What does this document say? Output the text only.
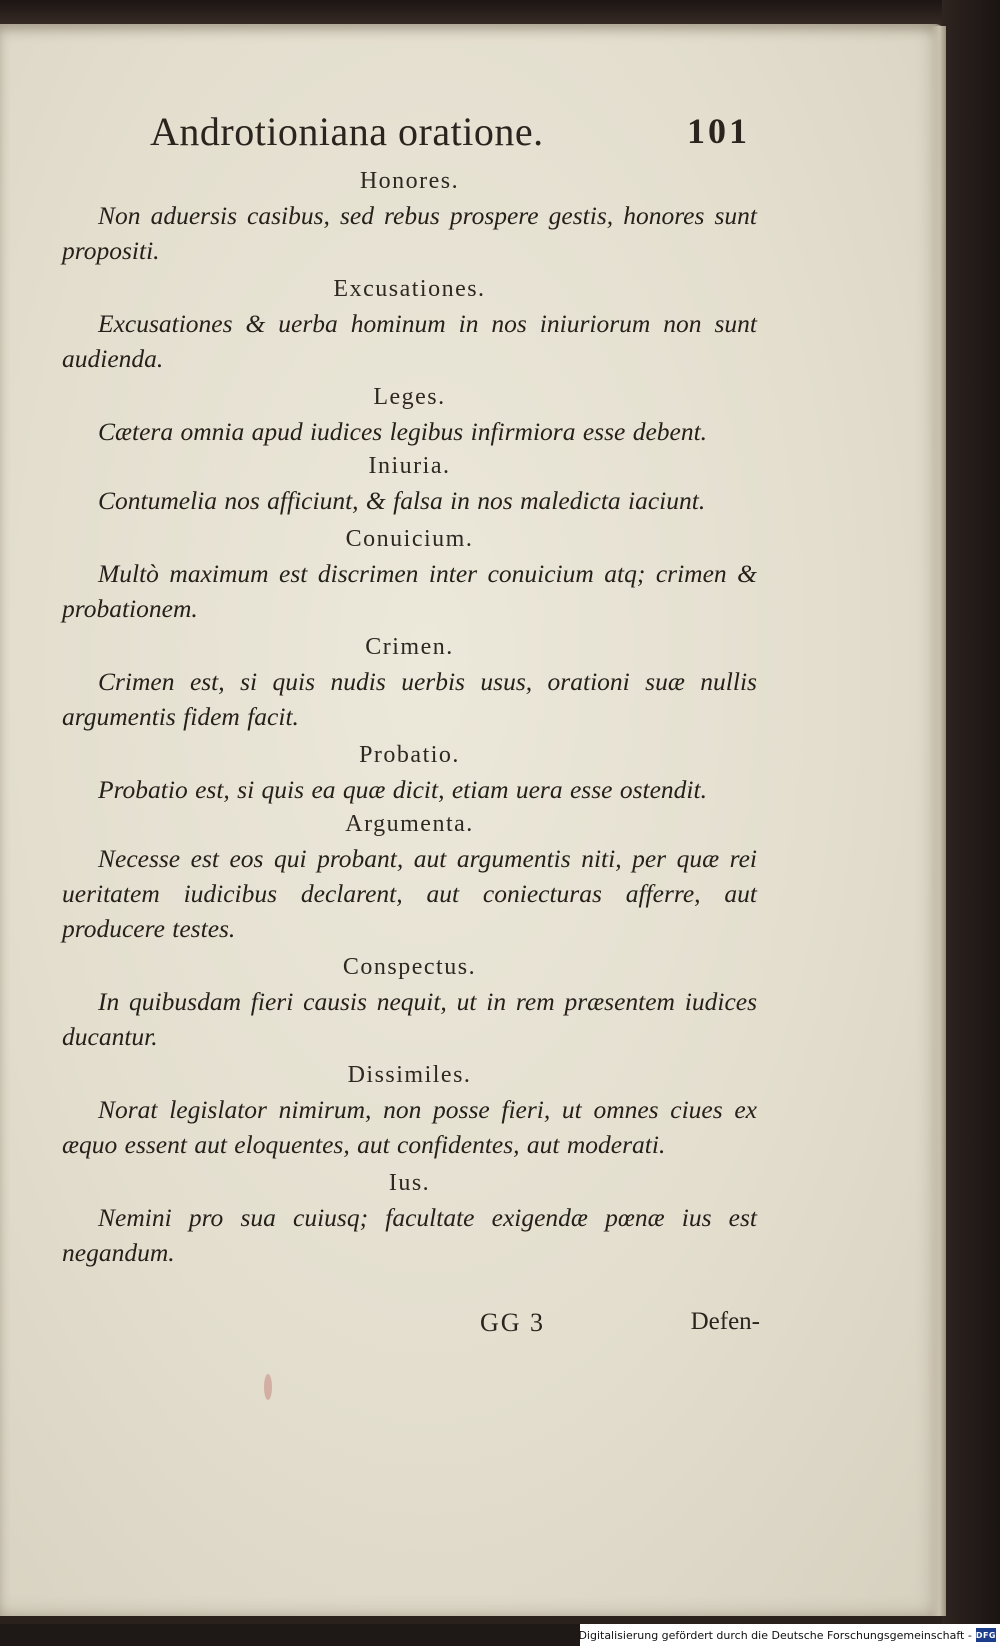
Androtioniana oratione.	101

Honores.

Non aduersis casibus, sed rebus prospere gestis, honores sunt propositi.

Excusationes.

Excusationes & uerba hominum in nos iniuriorum non sunt audienda.

Leges.

Cætera omnia apud iudices legibus infirmiora esse debent.

Iniuria.

Contumelia nos afficiunt, & falsa in nos maledicta iaciunt.

Conuicium.

Multò maximum est discrimen inter conuicium atq; crimen & probationem.

Crimen.

Crimen est, si quis nudis uerbis usus, orationi suæ nullis argumentis fidem facit.

Probatio.

Probatio est, si quis ea quæ dicit, etiam uera esse ostendit.

Argumenta.

Necesse est eos qui probant, aut argumentis niti, per quæ rei ueritatem iudicibus declarent, aut coniecturas afferre, aut producere testes.

Conspectus.

In quibusdam fieri causis nequit, ut in rem præsentem iudices ducantur.

Dissimiles.

Norat legislator nimirum, non posse fieri, ut omnes ciues ex æquo essent aut eloquentes, aut confidentes, aut moderati.

Ius.

Nemini pro sua cuiusq; facultate exigendæ pœnæ ius est negandum.

GG 3	Defen-
Digitalisierung gefördert durch die Deutsche Forschungsgemeinschaft - DFG
